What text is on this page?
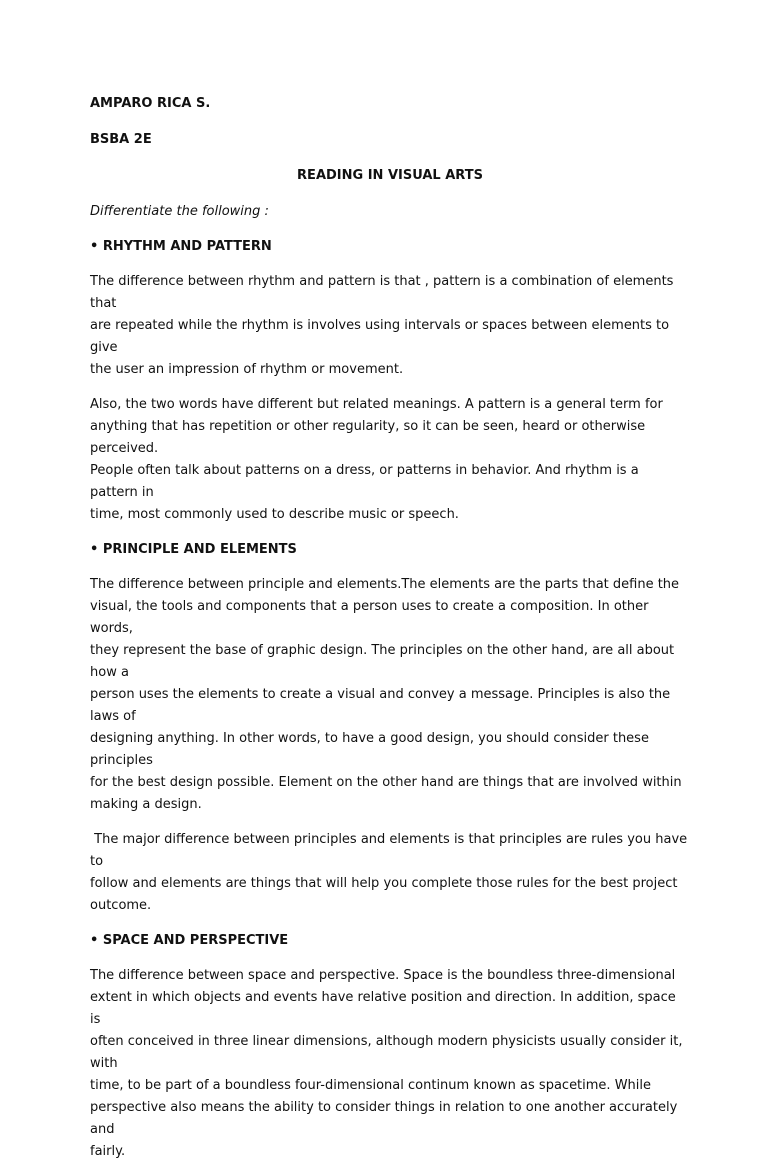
AMPARO RICA S.

BSBA 2E

READING IN VISUAL ARTS

Differentiate the following :

• RHYTHM AND PATTERN

The difference between rhythm and pattern is that , pattern is a combination of elements that

are repeated while the rhythm is involves using intervals or spaces between elements to give

the user an impression of rhythm or movement.

Also, the two words have different but related meanings. A pattern is a general term for

anything that has repetition or other regularity, so it can be seen, heard or otherwise perceived.

People often talk about patterns on a dress, or patterns in behavior. And rhythm is a pattern in

time, most commonly used to describe music or speech.

• PRINCIPLE AND ELEMENTS

The difference between principle and elements.The elements are the parts that define the

visual, the tools and components that a person uses to create a composition. In other words,

they represent the base of graphic design. The principles on the other hand, are all about how a

person uses the elements to create a visual and convey a message. Principles is also the laws of

designing anything. In other words, to have a good design, you should consider these principles

for the best design possible. Element on the other hand are things that are involved within

making a design.

The major difference between principles and elements is that principles are rules you have to

follow and elements are things that will help you complete those rules for the best project

outcome.

• SPACE AND PERSPECTIVE

The difference between space and perspective. Space is the boundless three-dimensional

extent in which objects and events have relative position and direction. In addition, space is

often conceived in three linear dimensions, although modern physicists usually consider it, with

time, to be part of a boundless four-dimensional continum known as spacetime. While

perspective also means the ability to consider things in relation to one another accurately and

fairly.
